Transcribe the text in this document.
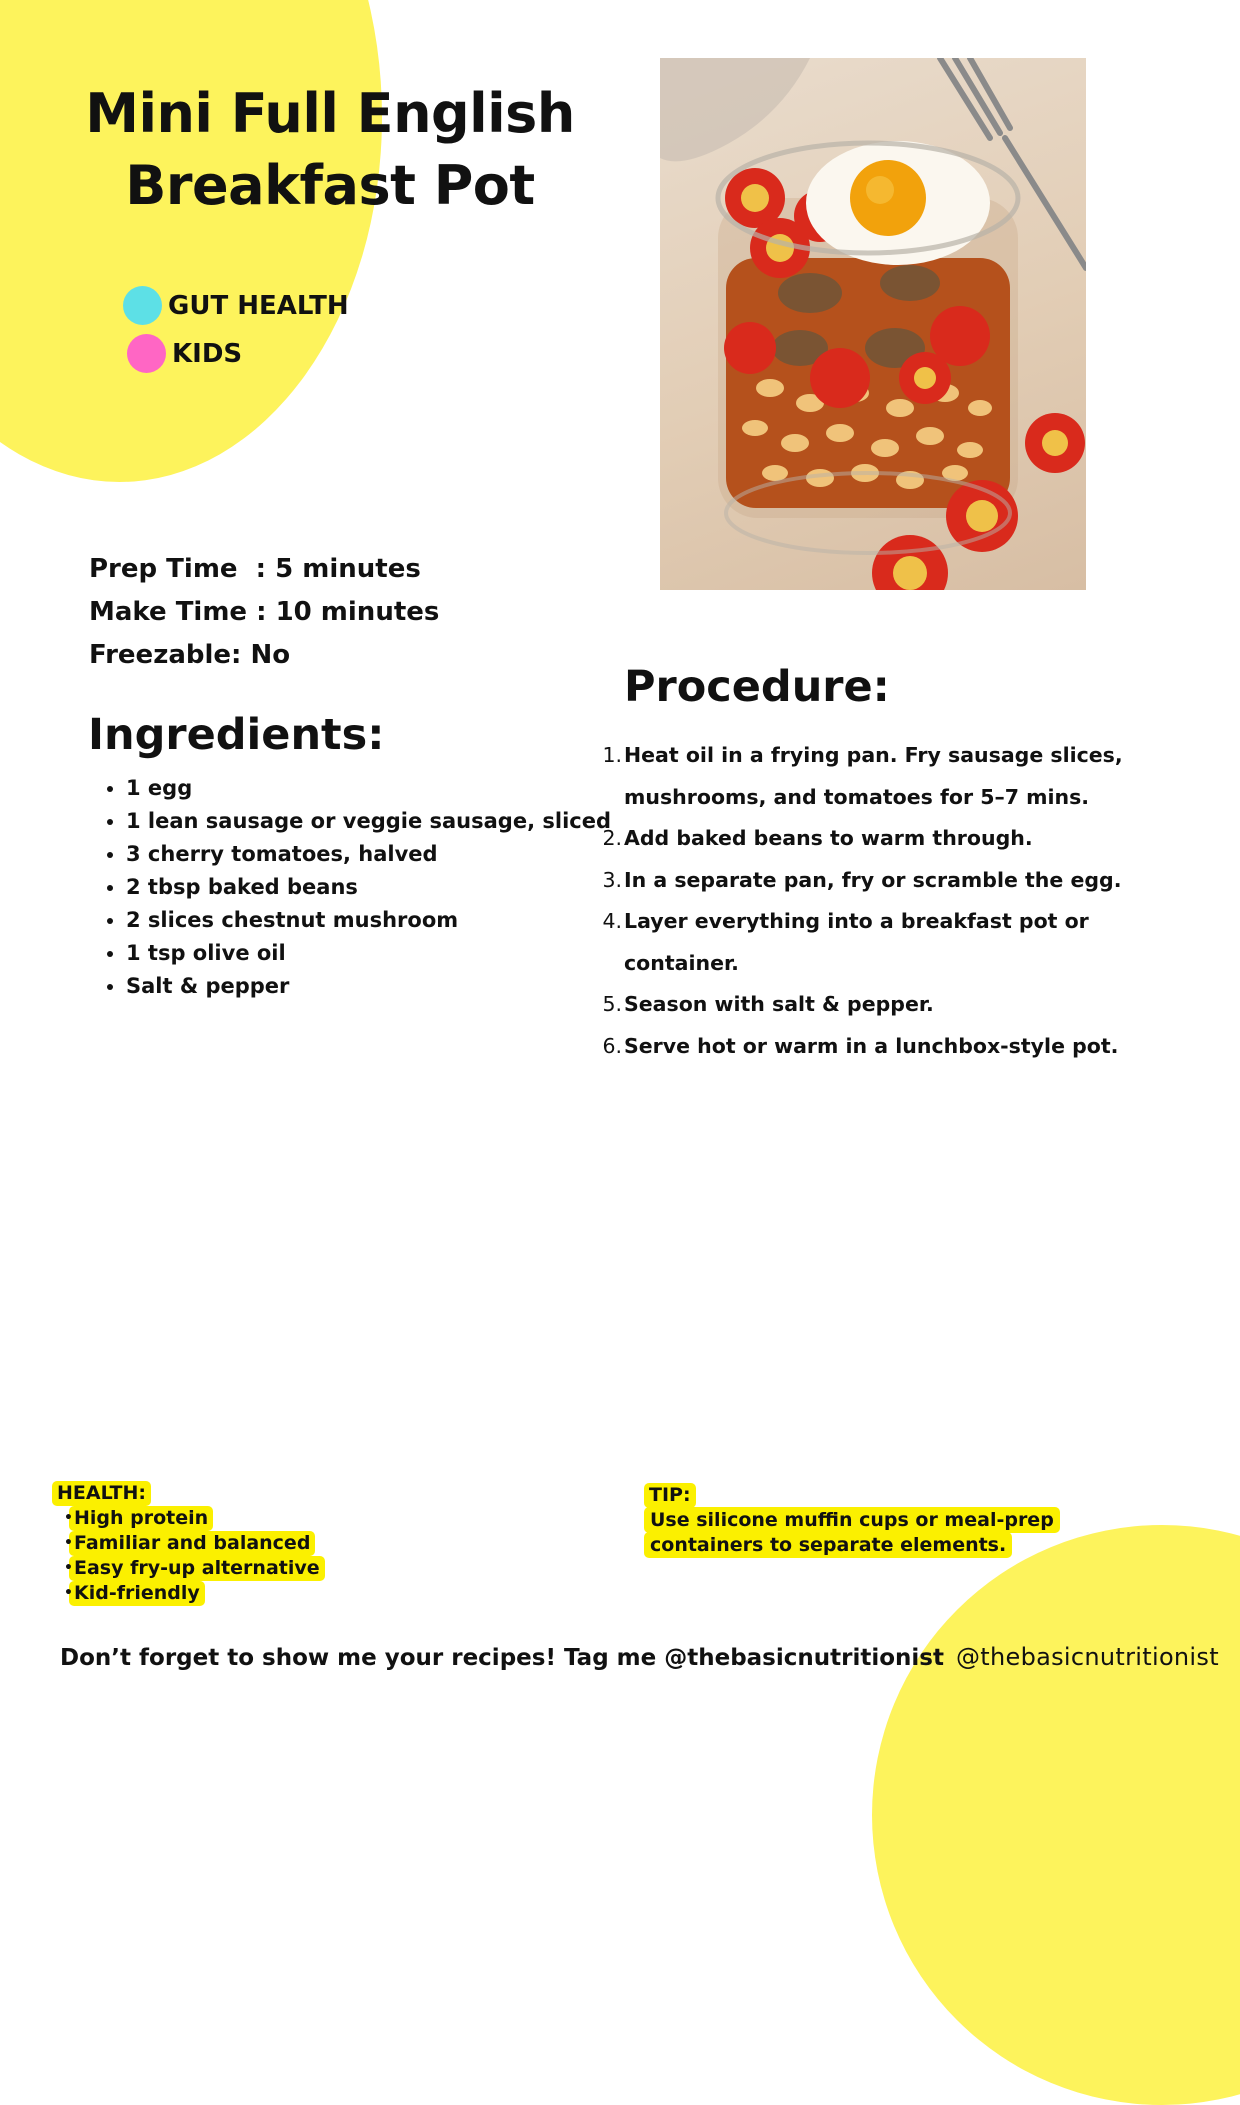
Mini Full English
Breakfast Pot
GUT HEALTH
KIDS
Prep Time  : 5 minutes
Make Time : 10 minutes
Freezable: No
Ingredients:
• 1 egg
• 1 lean sausage or veggie sausage, sliced
• 3 cherry tomatoes, halved
• 2 tbsp baked beans
• 2 slices chestnut mushroom
• 1 tsp olive oil
• Salt & pepper
Procedure:
1. Heat oil in a frying pan. Fry sausage slices, mushrooms, and tomatoes for 5–7 mins.
2. Add baked beans to warm through.
3. In a separate pan, fry or scramble the egg.
4. Layer everything into a breakfast pot or container.
5. Season with salt & pepper.
6. Serve hot or warm in a lunchbox-style pot.
HEALTH:
• High protein
• Familiar and balanced
• Easy fry-up alternative
• Kid-friendly
TIP:
Use silicone muffin cups or meal-prep containers to separate elements.
Don’t forget to show me your recipes! Tag me @thebasicnutritionist @thebasicnutritionist
